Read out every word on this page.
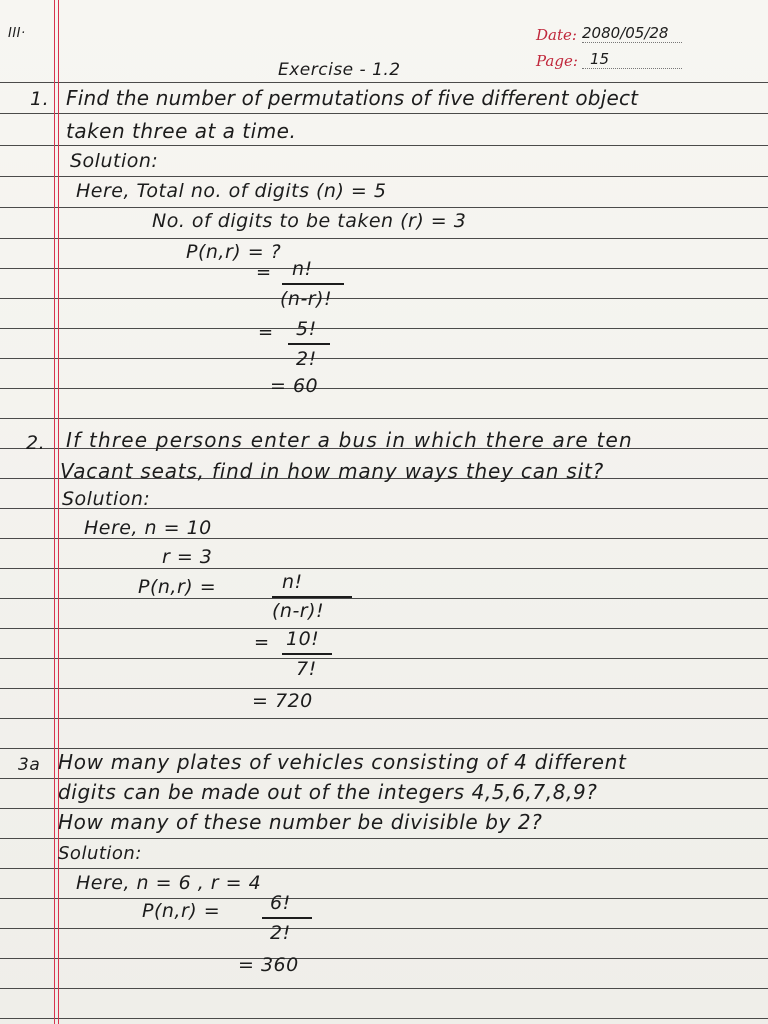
III·	Date: 2080/05/28
Page: 15
Exercise - 1.2
1. Find the number of permutations of five different object
taken three at a time.
Solution:
Here, Total no. of digits (n) = 5
No. of digits to be taken (r) = 3
P(n,r) = ?
= n!
(n-r)!
= 5!
2!
= 60
2. If three persons enter a bus in which there are ten
Vacant seats, find in how many ways they can sit?
Solution:
Here, n = 10
r = 3
P(n,r) =	n!
(n-r)!
= 10!
7!
= 720
3a How many plates of vehicles consisting of 4 different
digits can be made out of the integers 4,5,6,7,8,9?
How many of these number be divisible by 2?
Solution:
Here, n = 6 , r = 4
P(n,r) =	6!
2!
= 360
